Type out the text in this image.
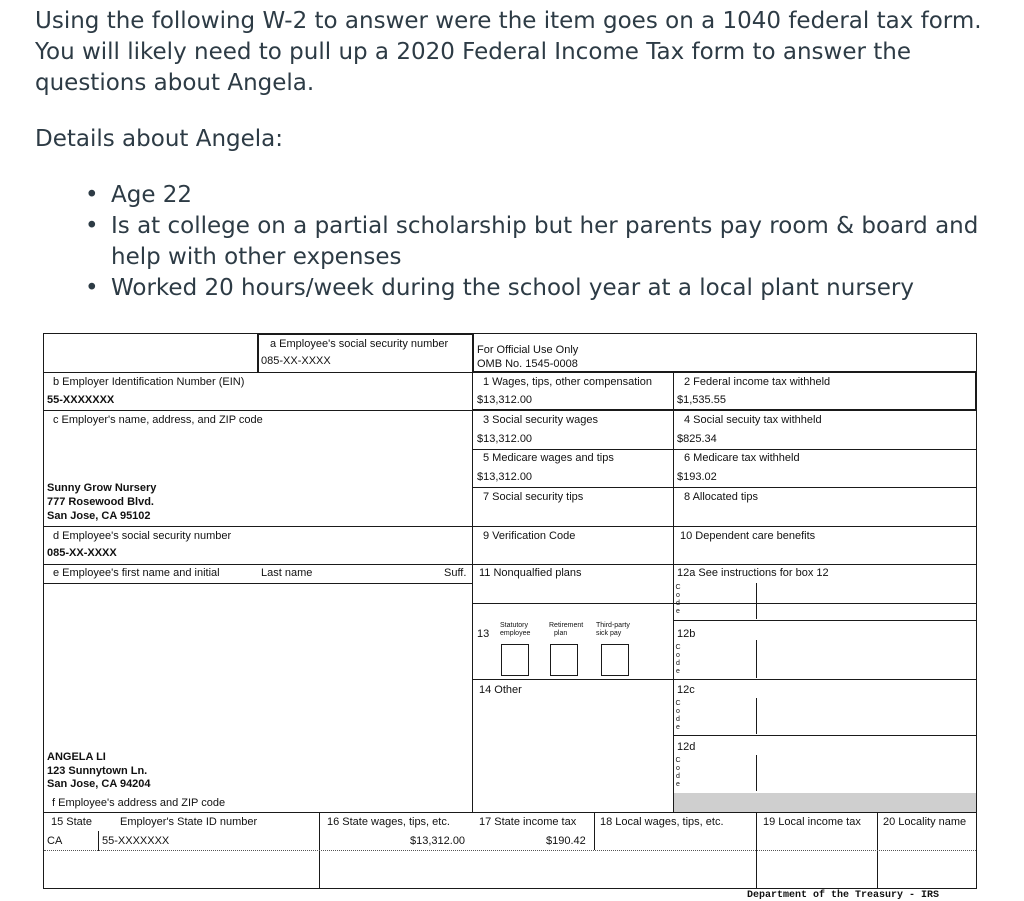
Using the following W-2 to answer were the item goes on a 1040 federal tax form. You will likely need to pull up a 2020 Federal Income Tax form to answer the questions about Angela.

Details about Angela:

• Age 22
• Is at college on a partial scholarship but her parents pay room & board and help with other expenses
• Worked 20 hours/week during the school year at a local plant nursery
a Employee's social security number
085-XX-XXXX
For Official Use Only
OMB No. 1545-0008
b Employer Identification Number (EIN)
55-XXXXXXX
c Employer's name, address, and ZIP code
Sunny Grow Nursery
777 Rosewood Blvd.
San Jose, CA 95102
d Employee's social security number
085-XX-XXXX
e Employee's first name and initial	Last name	Suff.
ANGELA LI
123 Sunnytown Ln.
San Jose, CA 94204
f Employee's address and ZIP code
1 Wages, tips, other compensation
$13,312.00
2 Federal income tax withheld
$1,535.55
3 Social security wages
$13,312.00
4 Social secuity tax withheld
$825.34
5 Medicare wages and tips
$13,312.00
6 Medicare tax withheld
$193.02
7 Social security tips	8 Allocated tips
9 Verification Code	10 Dependent care benefits
11 Nonqualfied plans	12a See instructions for box 12
C
o
d
e
12b
C
o
d
e
13
Statutory
employee
Retirement
plan
Third-party
sick pay
14 Other	12c
C
o
d
e
12d
C
o
d
e
15 State	Employer's State ID number
CA	55-XXXXXXX
16 State wages, tips, etc.
$13,312.00
17 State income tax
$190.42
18 Local wages, tips, etc.	19 Local income tax 20 Locality name
Department of the Treasury - IRS
